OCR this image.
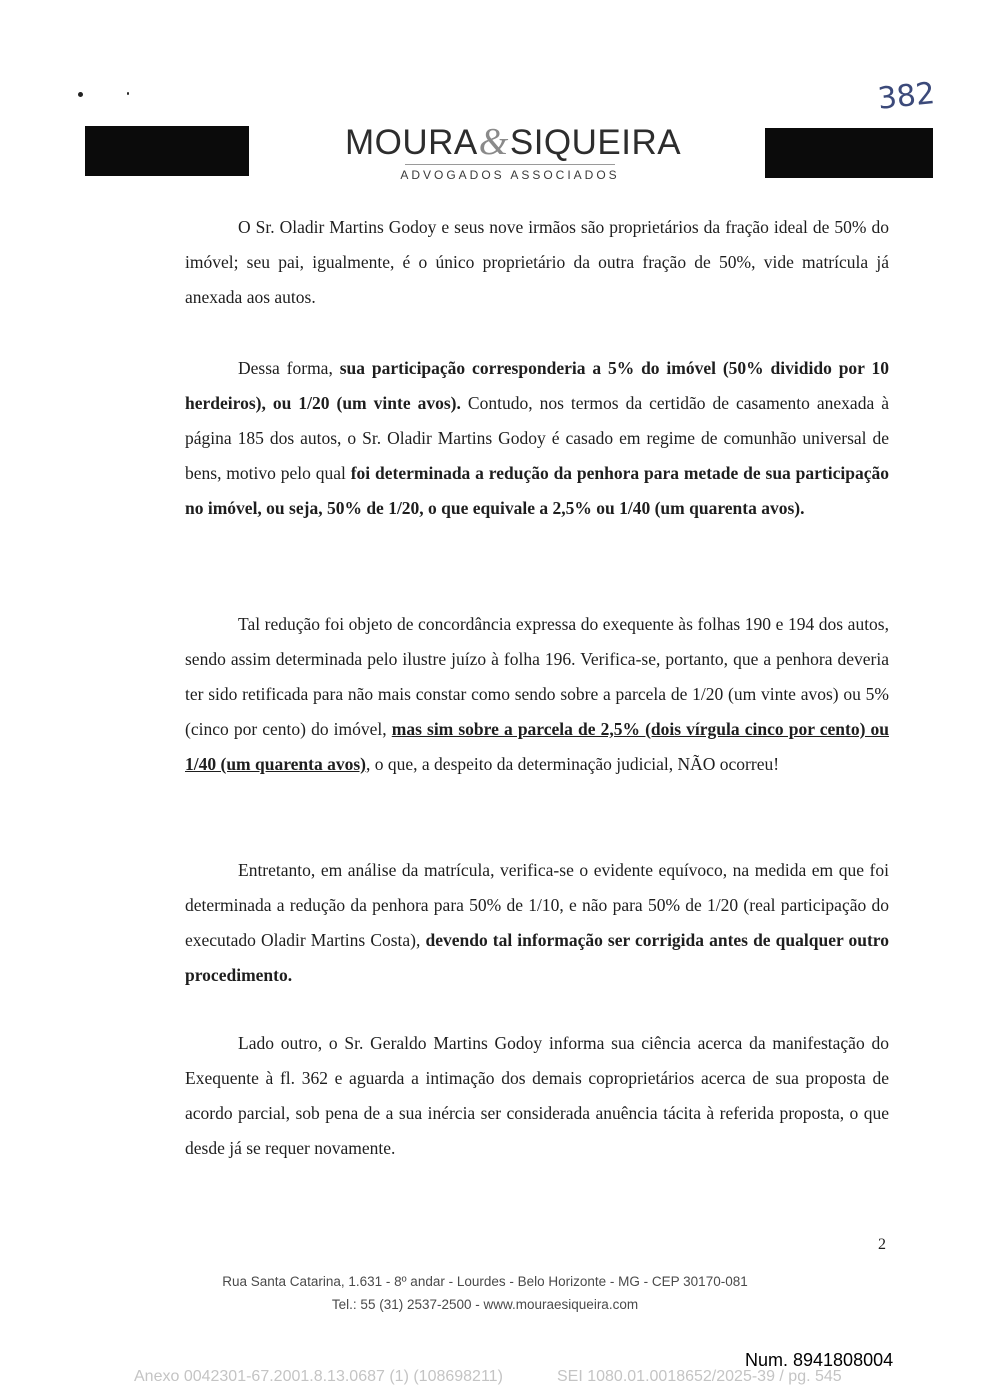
MOURA&SIQUEIRA
ADVOGADOS ASSOCIADOS
382
O Sr. Oladir Martins Godoy e seus nove irmãos são proprietários da fração ideal de 50% do imóvel; seu pai, igualmente, é o único proprietário da outra fração de 50%, vide matrícula já anexada aos autos.
Dessa forma, sua participação corresponderia a 5% do imóvel (50% dividido por 10 herdeiros), ou 1/20 (um vinte avos). Contudo, nos termos da certidão de casamento anexada à página 185 dos autos, o Sr. Oladir Martins Godoy é casado em regime de comunhão universal de bens, motivo pelo qual foi determinada a redução da penhora para metade de sua participação no imóvel, ou seja, 50% de 1/20, o que equivale a 2,5% ou 1/40 (um quarenta avos).
Tal redução foi objeto de concordância expressa do exequente às folhas 190 e 194 dos autos, sendo assim determinada pelo ilustre juízo à folha 196. Verifica-se, portanto, que a penhora deveria ter sido retificada para não mais constar como sendo sobre a parcela de 1/20 (um vinte avos) ou 5% (cinco por cento) do imóvel, mas sim sobre a parcela de 2,5% (dois vírgula cinco por cento) ou 1/40 (um quarenta avos), o que, a despeito da determinação judicial, NÃO ocorreu!
Entretanto, em análise da matrícula, verifica-se o evidente equívoco, na medida em que foi determinada a redução da penhora para 50% de 1/10, e não para 50% de 1/20 (real participação do executado Oladir Martins Costa), devendo tal informação ser corrigida antes de qualquer outro procedimento.
Lado outro, o Sr. Geraldo Martins Godoy informa sua ciência acerca da manifestação do Exequente à fl. 362 e aguarda a intimação dos demais coproprietários acerca de sua proposta de acordo parcial, sob pena de a sua inércia ser considerada anuência tácita à referida proposta, o que desde já se requer novamente.
2
Rua Santa Catarina, 1.631 - 8º andar - Lourdes - Belo Horizonte - MG - CEP 30170-081
Tel.: 55 (31) 2537-2500 - www.mouraesiqueira.com
Num. 8941808004
Anexo 0042301-67.2001.8.13.0687 (1) (108698211)	SEI 1080.01.0018652/2025-39 / pg. 545
